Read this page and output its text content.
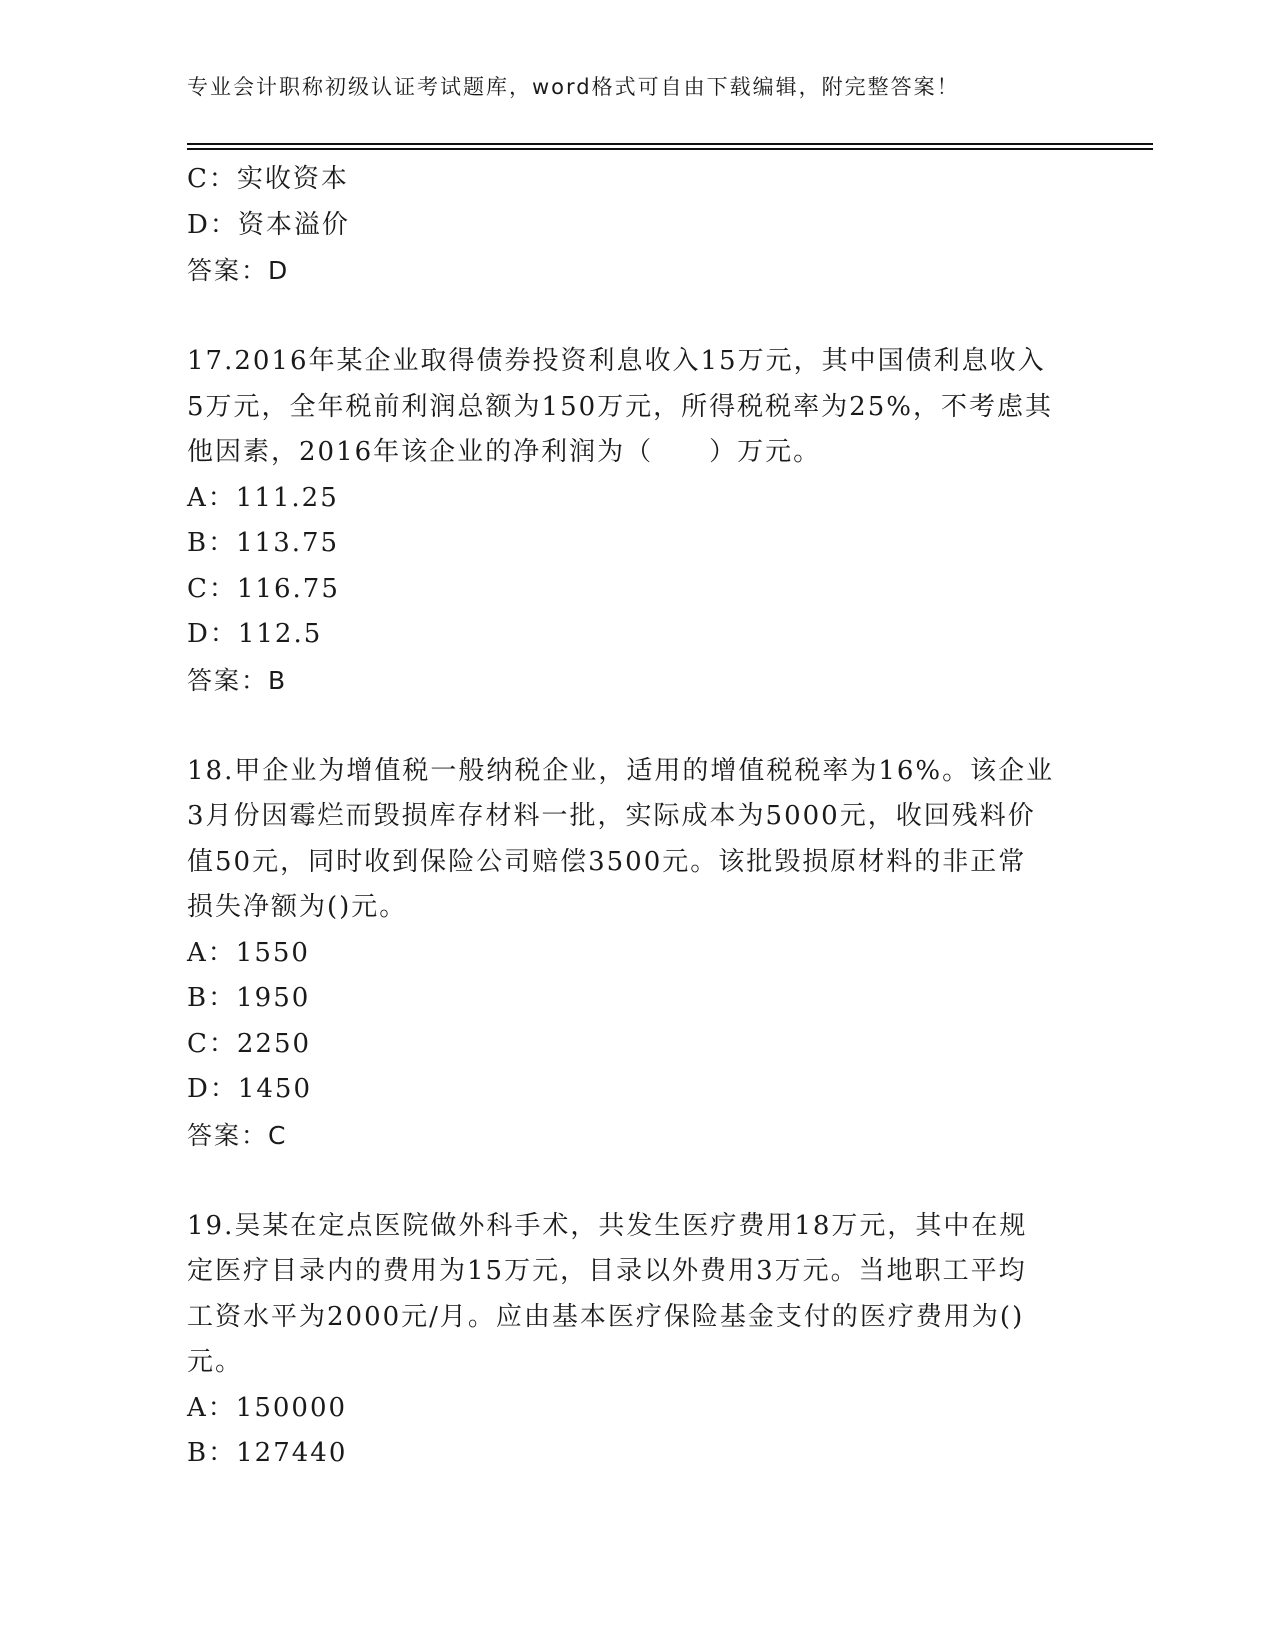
专业会计职称初级认证考试题库，word格式可自由下载编辑，附完整答案！
C：实收资本
D：资本溢价
答案：D
17.2016年某企业取得债券投资利息收入15万元，其中国债利息收入
5万元，全年税前利润总额为150万元，所得税税率为25%，不考虑其
他因素，2016年该企业的净利润为（　　）万元。
A：111.25
B：113.75
C：116.75
D：112.5
答案：B
18.甲企业为增值税一般纳税企业，适用的增值税税率为16%。该企业
3月份因霉烂而毁损库存材料一批，实际成本为5000元，收回残料价
值50元，同时收到保险公司赔偿3500元。该批毁损原材料的非正常
损失净额为()元。
A：1550
B：1950
C：2250
D：1450
答案：C
19.吴某在定点医院做外科手术，共发生医疗费用18万元，其中在规
定医疗目录内的费用为15万元，目录以外费用3万元。当地职工平均
工资水平为2000元/月。应由基本医疗保险基金支付的医疗费用为()
元。
A：150000
B：127440
